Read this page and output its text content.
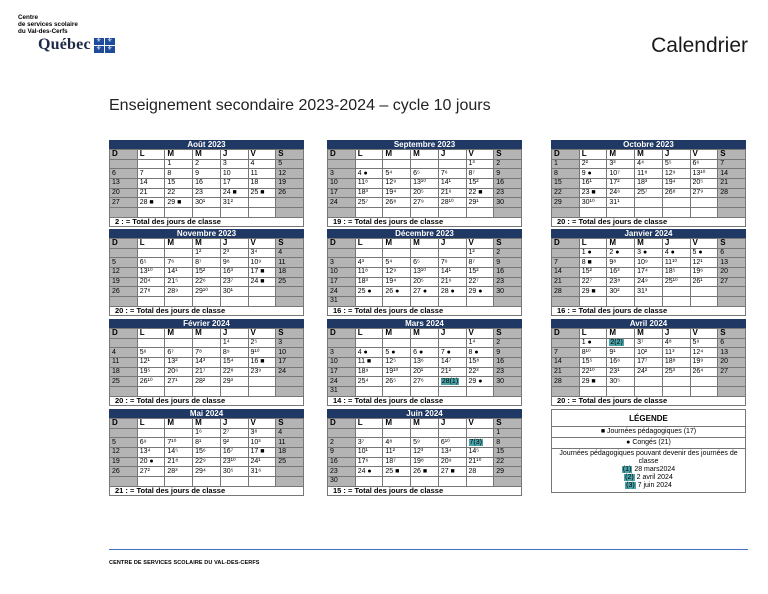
Centre
de services scolaire
du Val-des-Cerfs
Québec ⚜ ⚜
⚜ ⚜	Calendrier
Enseignement secondaire 2023-2024 – cycle 10 jours
Août 2023
D	L	M	M	J	V	S
		1	2	3	4	5
6	7	8	9	10	11	12
13	14	15	16	17	18	19
20	21	22	23	24 ■	25 ■	26
27	28 ■	29 ■	30¹	31²		

2 : = Total des jours de classe
Septembre 2023
D	L	M	M	J	V	S
					1³	2
3	4 ●	5⁴	6⁵	7⁶	8⁷	9
10	11⁸	12⁹	13¹⁰	14¹	15²	16
17	18³	19⁴	20⁵	21⁶	22 ■	23
24	25⁷	26⁸	27⁹	28¹⁰	29¹	30

19 : = Total des jours de classe
Octobre 2023
D	L	M	M	J	V	S
1	2²	3³	4⁴	5⁵	6⁶	7
8	9 ●	10⁷	11⁸	12⁹	13¹⁰	14
15	16¹	17²	18³	19⁴	20⁵	21
22	23 ■	24⁶	25⁷	26⁸	27⁹	28
29	30¹⁰	31¹				

20 : = Total des jours de classe
Novembre 2023
D	L	M	M	J	V	S
			1²	2³	3⁴	4
5	6⁵	7⁶	8⁷	9⁸	10⁹	11
12	13¹⁰	14¹	15²	16³	17 ■	18
19	20⁴	21⁵	22⁶	23⁷	24 ■	25
26	27⁸	28⁹	29¹⁰	30¹		

20 : = Total des jours de classe
Décembre 2023
D	L	M	M	J	V	S
					1²	2
3	4³	5⁴	6⁵	7⁶	8⁷	9
10	11⁸	12⁹	13¹⁰	14¹	15²	16
17	18³	19⁴	20⁵	21⁶	22⁷	23
24	25 ●	26 ●	27 ●	28 ●	29 ●	30
31						
16 : = Total des jours de classe
Janvier 2024
D	L	M	M	J	V	S
	1 ●	2 ●	3 ●	4 ●	5 ●	6
7	8 ■	9⁸	10⁹	11¹⁰	12¹	13
14	15²	16³	17⁴	18⁵	19⁶	20
21	22⁷	23⁸	24⁹	25¹⁰	26¹	27
28	29 ■	30²	31³			

16 : = Total des jours de classe
Février 2024
D	L	M	M	J	V	S
				1⁴	2⁵	3
4	5⁶	6⁷	7⁸	8⁹	9¹⁰	10
11	12¹	13²	14³	15⁴	16 ■	17
18	19⁵	20⁶	21⁷	22⁸	23⁹	24
25	26¹⁰	27¹	28²	29³		

20 : = Total des jours de classe
Mars 2024
D	L	M	M	J	V	S
					1⁴	2
3	4 ●	5 ●	6 ●	7 ●	8 ●	9
10	11 ■	12⁵	13⁶	14⁷	15⁸	16
17	18⁹	19¹⁰	20¹	21²	22³	23
24	25⁴	26⁵	27⁶	28(1)	29 ●	30
31						
14 : = Total des jours de classe
Avril 2024
D	L	M	M	J	V	S
	1 ●	2(2)	3⁷	4⁸	5⁹	6
7	8¹⁰	9¹	10²	11³	12⁴	13
14	15⁵	16⁶	17⁷	18⁸	19⁹	20
21	22¹⁰	23¹	24²	25³	26⁴	27
28	29 ■	30⁵				

20 : = Total des jours de classe
Mai 2024
D	L	M	M	J	V	S
			1⁶	2⁷	3⁸	4
5	6⁹	7¹⁰	8¹	9²	10³	11
12	13⁴	14⁵	15⁶	16⁷	17 ■	18
19	20 ●	21⁸	22⁹	23¹⁰	24¹	25
26	27²	28³	29⁴	30⁵	31⁶	

21 : = Total des jours de classe
Juin 2024
D	L	M	M	J	V	S
						1
2	3⁷	4⁸	5⁹	6¹⁰	7(3)	8
9	10¹	11²	12³	13⁴	14⁵	15
16	17⁶	18⁷	19⁸	20⁹	21¹⁰	22
23	24 ●	25 ■	26 ■	27 ■	28	29
30						
15 : = Total des jours de classe
LÉGENDE
■ Journées pédagogiques (17)
● Congés (21)
Journées pédagogiques pouvant devenir des journées de classe
(1) 28 mars2024
(2) 2 avril 2024
(3) 7 juin 2024
CENTRE DE SERVICES SCOLAIRE DU VAL-DES-CERFS
